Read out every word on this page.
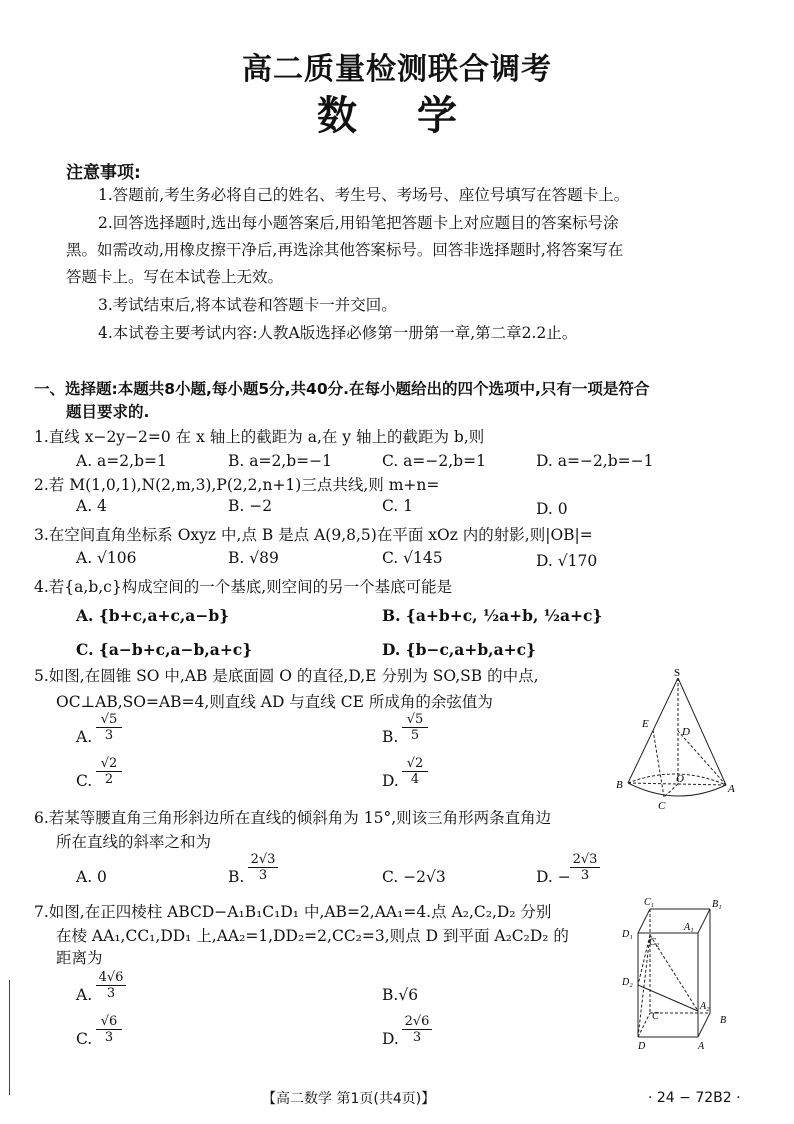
高二质量检测联合调考
数学
注意事项:
1.答题前,考生务必将自己的姓名、考生号、考场号、座位号填写在答题卡上。
2.回答选择题时,选出每小题答案后,用铅笔把答题卡上对应题目的答案标号涂
黑。如需改动,用橡皮擦干净后,再选涂其他答案标号。回答非选择题时,将答案写在
答题卡上。写在本试卷上无效。
3.考试结束后,将本试卷和答题卡一并交回。
4.本试卷主要考试内容:人教A版选择必修第一册第一章,第二章2.2止。
一、选择题:本题共8小题,每小题5分,共40分.在每小题给出的四个选项中,只有一项是符合
题目要求的.
1.直线 x−2y−2=0 在 x 轴上的截距为 a,在 y 轴上的截距为 b,则
A. a=2,b=1	B. a=2,b=−1	C. a=−2,b=1	D. a=−2,b=−1
2.若 M(1,0,1),N(2,m,3),P(2,2,n+1)三点共线,则 m+n=
A. 4	B. −2	C. 1	D. 0
3.在空间直角坐标系 Oxyz 中,点 B 是点 A(9,8,5)在平面 xOz 内的射影,则|OB|=
A. √106	B. √89	C. √145	D. √170
4.若{a,b,c}构成空间的一个基底,则空间的另一个基底可能是
A. {b+c,a+c,a−b}	B. {a+b+c, ½a+b, ½a+c}
C. {a−b+c,a−b,a+c}	D. {b−c,a+b,a+c}
5.如图,在圆锥 SO 中,AB 是底面圆 O 的直径,D,E 分别为 SO,SB 的中点,
OC⊥AB,SO=AB=4,则直线 AD 与直线 CE 所成角的余弦值为
A.
√5
3	B.
√5
5
C.
√2
2	D.
√2
4
S
E
D
B	O
A
C
6.若某等腰直角三角形斜边所在直线的倾斜角为 15°,则该三角形两条直角边
所在直线的斜率之和为
A. 0	B.
2√3
3	C. −2√3	D. −
2√3
3
7.如图,在正四棱柱 ABCD−A₁B₁C₁D₁ 中,AB=2,AA₁=4.点 A₂,C₂,D₂ 分别
在棱 AA₁,CC₁,DD₁ 上,AA₂=1,DD₂=2,CC₂=3,则点 D 到平面 A₂C₂D₂ 的
距离为
A.
4√6
3	B.√6
C.
√6
3	D.
2√6
3
C₁	B₁
D₁
A₁
C₂
D₂
A₂
C	B
D	A
【高二数学 第1页(共4页)】	· 24 − 72B2 ·
